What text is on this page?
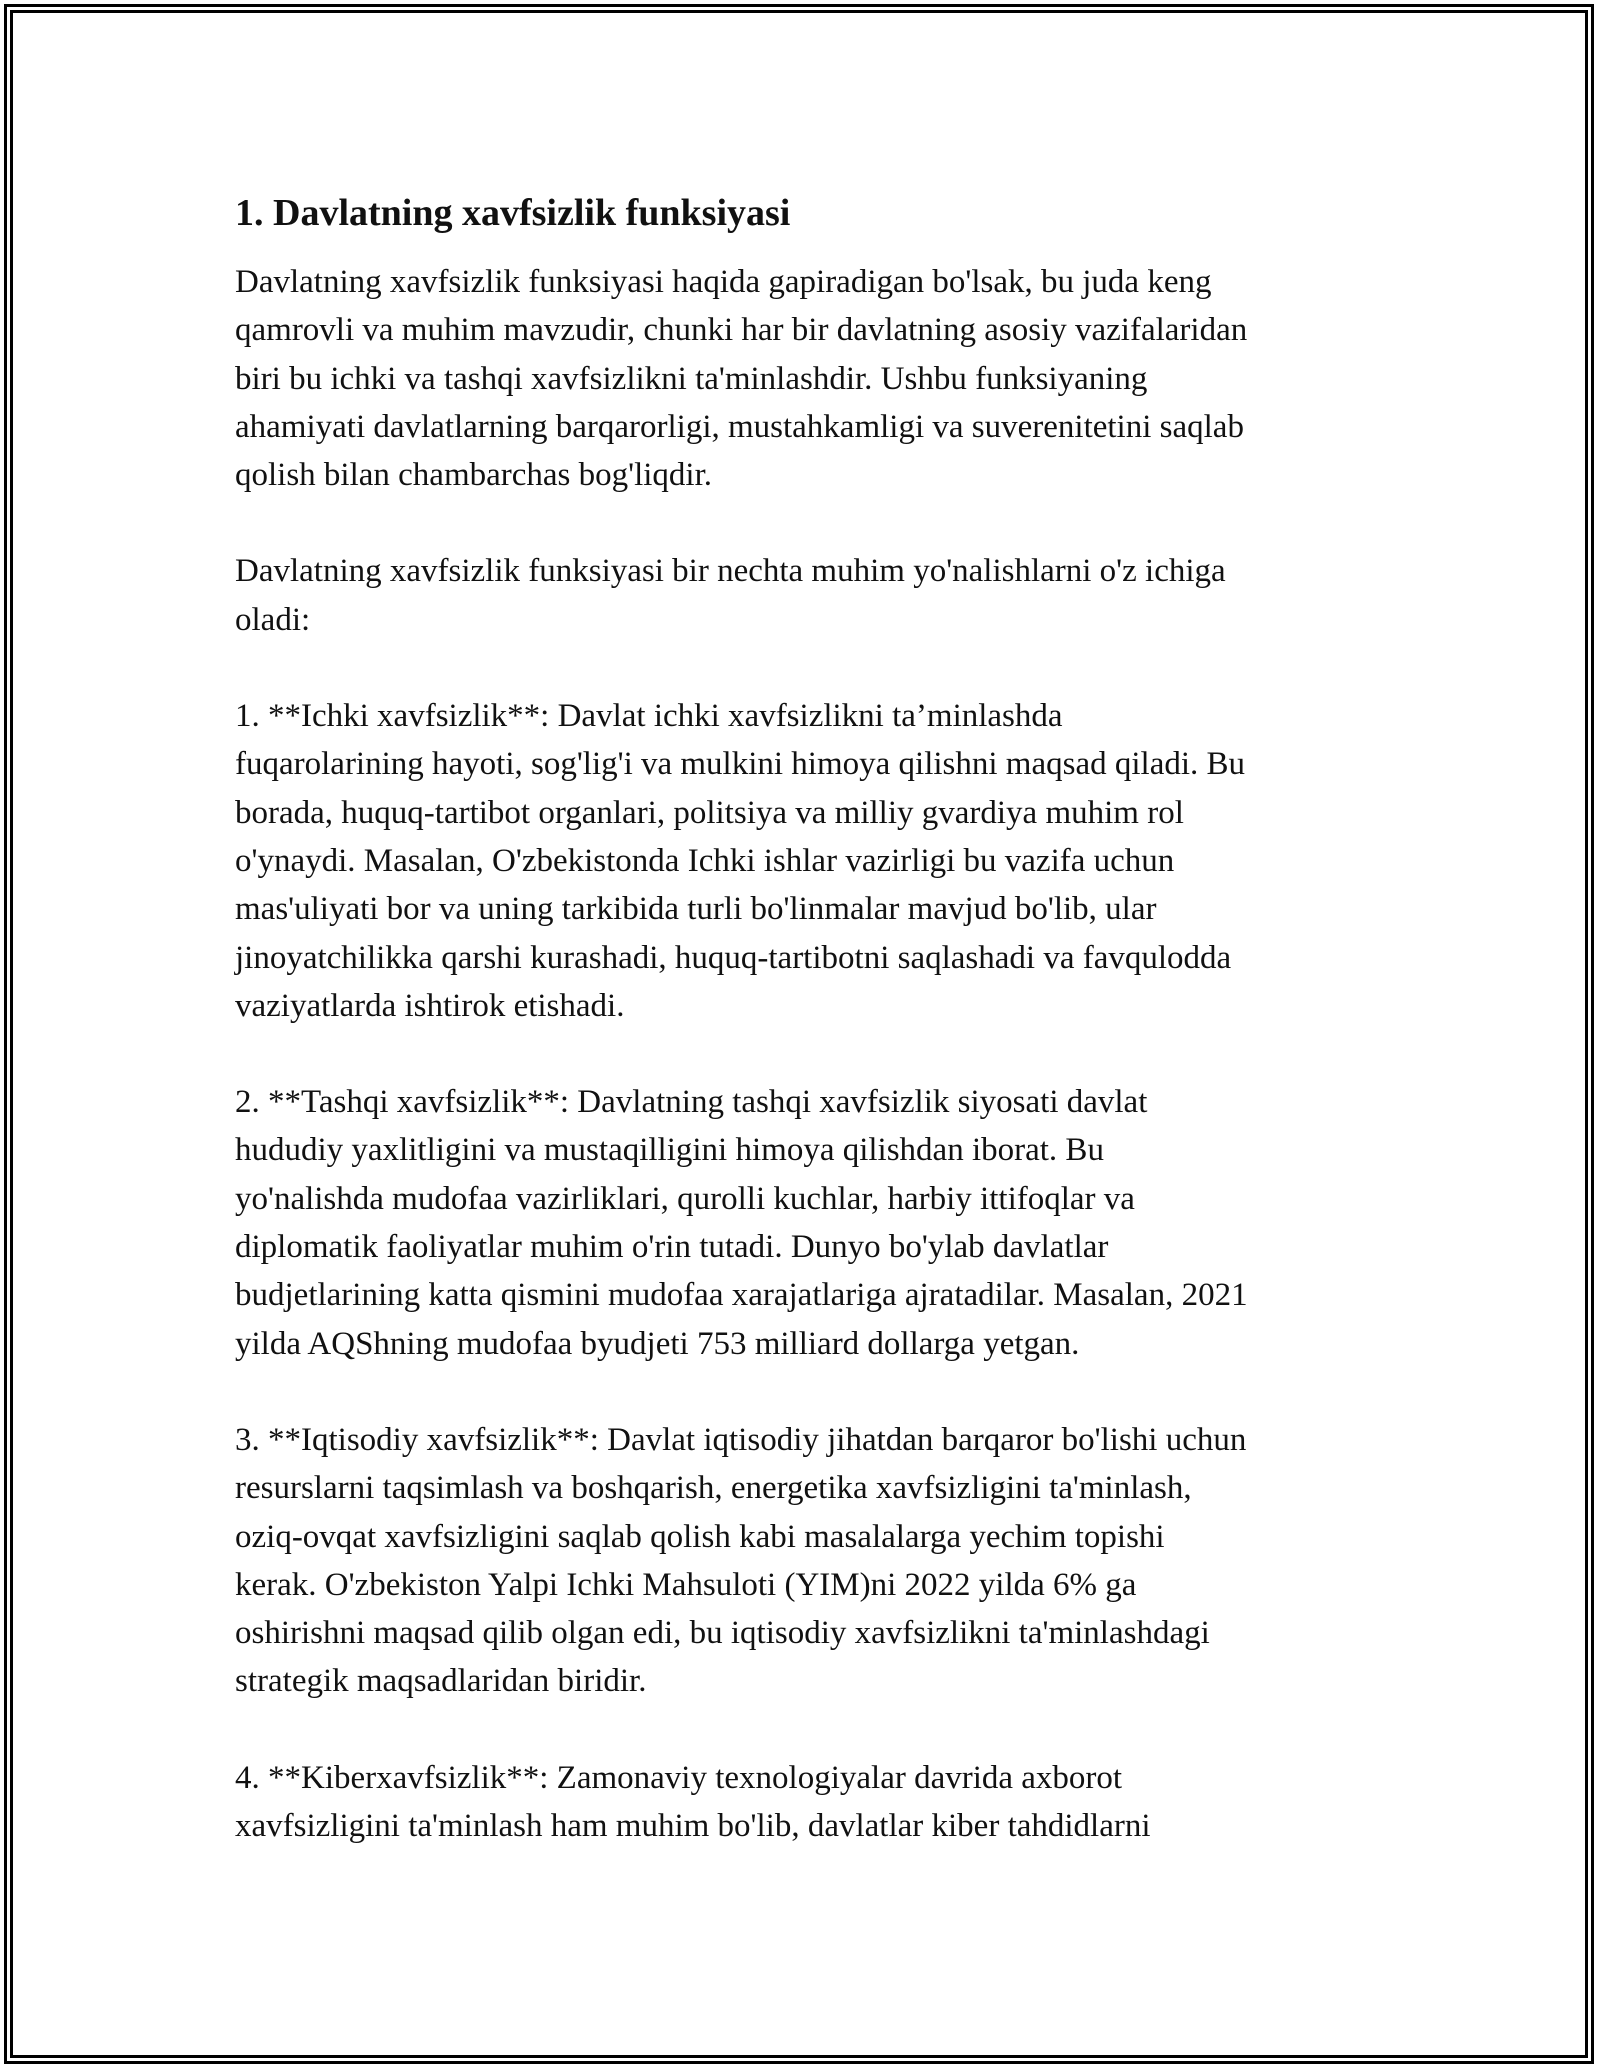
1. Davlatning xavfsizlik funksiyasi

Davlatning xavfsizlik funksiyasi haqida gapiradigan bo'lsak, bu juda keng
qamrovli va muhim mavzudir, chunki har bir davlatning asosiy vazifalaridan
biri bu ichki va tashqi xavfsizlikni ta'minlashdir. Ushbu funksiyaning
ahamiyati davlatlarning barqarorligi, mustahkamligi va suverenitetini saqlab
qolish bilan chambarchas bog'liqdir.

Davlatning xavfsizlik funksiyasi bir nechta muhim yo'nalishlarni o'z ichiga
oladi:

1. **Ichki xavfsizlik**: Davlat ichki xavfsizlikni ta’minlashda
fuqarolarining hayoti, sog'lig'i va mulkini himoya qilishni maqsad qiladi. Bu
borada, huquq-tartibot organlari, politsiya va milliy gvardiya muhim rol
o'ynaydi. Masalan, O'zbekistonda Ichki ishlar vazirligi bu vazifa uchun
mas'uliyati bor va uning tarkibida turli bo'linmalar mavjud bo'lib, ular
jinoyatchilikka qarshi kurashadi, huquq-tartibotni saqlashadi va favqulodda
vaziyatlarda ishtirok etishadi.

2. **Tashqi xavfsizlik**: Davlatning tashqi xavfsizlik siyosati davlat
hududiy yaxlitligini va mustaqilligini himoya qilishdan iborat. Bu
yo'nalishda mudofaa vazirliklari, qurolli kuchlar, harbiy ittifoqlar va
diplomatik faoliyatlar muhim o'rin tutadi. Dunyo bo'ylab davlatlar
budjetlarining katta qismini mudofaa xarajatlariga ajratadilar. Masalan, 2021
yilda AQShning mudofaa byudjeti 753 milliard dollarga yetgan.

3. **Iqtisodiy xavfsizlik**: Davlat iqtisodiy jihatdan barqaror bo'lishi uchun
resurslarni taqsimlash va boshqarish, energetika xavfsizligini ta'minlash,
oziq-ovqat xavfsizligini saqlab qolish kabi masalalarga yechim topishi
kerak. O'zbekiston Yalpi Ichki Mahsuloti (YIM)ni 2022 yilda 6% ga
oshirishni maqsad qilib olgan edi, bu iqtisodiy xavfsizlikni ta'minlashdagi
strategik maqsadlaridan biridir.

4. **Kiberxavfsizlik**: Zamonaviy texnologiyalar davrida axborot
xavfsizligini ta'minlash ham muhim bo'lib, davlatlar kiber tahdidlarni
